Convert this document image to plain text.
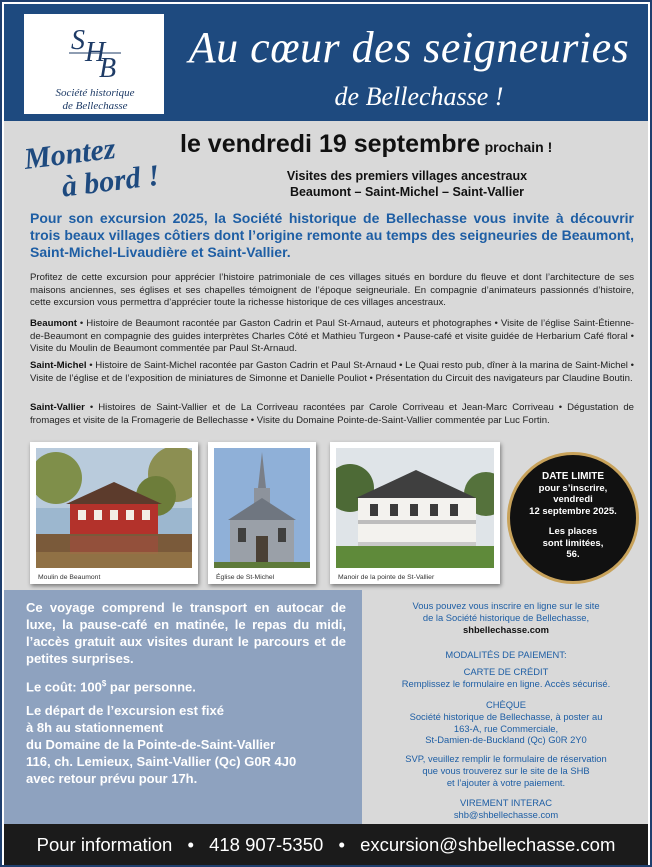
S H
B
Société historique
de Bellechasse
Au cœur des seigneuries
de Bellechasse !
Montez
à bord !
le vendredi 19 septembre prochain !
Visites des premiers villages ancestraux
Beaumont – Saint-Michel – Saint-Vallier
Pour son excursion 2025, la Société historique de Bellechasse vous invite à découvrir trois beaux villages côtiers dont l’origine remonte au temps des seigneuries de Beaumont, Saint-Michel-Livaudière et Saint-Vallier.
Profitez de cette excursion pour apprécier l’histoire patrimoniale de ces villages situés en bordure du fleuve et dont l’architecture de ses maisons anciennes, ses églises et ses chapelles témoignent de l’époque seigneuriale. En compagnie d’animateurs passionnés d’histoire, cette excursion vous permettra d’apprécier toute la richesse historique de ces villages ancestraux.
Beaumont • Histoire de Beaumont racontée par Gaston Cadrin et Paul St-Arnaud, auteurs et photographes • Visite de l’église Saint-Étienne-de-Beaumont en compagnie des guides interprètes Charles Côté et Mathieu Turgeon • Pause-café et visite guidée de Herbarium Café floral • Visite du Moulin de Beaumont commentée par Paul St-Arnaud.
Saint-Michel • Histoire de Saint-Michel racontée par Gaston Cadrin et Paul St-Arnaud • Le Quai resto pub, dîner à la marina de Saint-Michel • Visite de l’église et de l’exposition de miniatures de Simonne et Danielle Pouliot • Présentation du Circuit des navigateurs par Claudine Boutin.
Saint-Vallier • Histoires de Saint-Vallier et de La Corriveau racontées par Carole Corriveau et Jean-Marc Corriveau • Dégustation de fromages et visite de la Fromagerie de Bellechasse • Visite du Domaine Pointe-de-Saint-Vallier commentée par Luc Fortin.
Moulin de Beaumont	Église de St-Michel	Manoir de la pointe de St-Vallier
DATE LIMITE
pour s’inscrire,
vendredi
12 septembre 2025.
Les places
sont limitées,
56.
Ce voyage comprend le transport en autocar de luxe, la pause-café en matinée, le repas du midi, l’accès gratuit aux visites durant le parcours et de petites surprises.
Le coût: 100$ par personne.
Le départ de l’excursion est fixé
à 8h au stationnement
du Domaine de la Pointe-de-Saint-Vallier
116, ch. Lemieux, Saint-Vallier (Qc) G0R 4J0
avec retour prévu pour 17h.
Vous pouvez vous inscrire en ligne sur le site
de la Société historique de Bellechasse,
shbellechasse.com
MODALITÉS DE PAIEMENT:
CARTE DE CRÉDIT
Remplissez le formulaire en ligne. Accès sécurisé.
CHÈQUE
Société historique de Bellechasse, à poster au
163-A, rue Commerciale,
St-Damien-de-Buckland (Qc) G0R 2Y0
SVP, veuillez remplir le formulaire de réservation
que vous trouverez sur le site de la SHB
et l’ajouter à votre paiement.
VIREMENT INTERAC
shb@shbellechasse.com
Pour information • 418 907-5350 • excursion@shbellechasse.com
